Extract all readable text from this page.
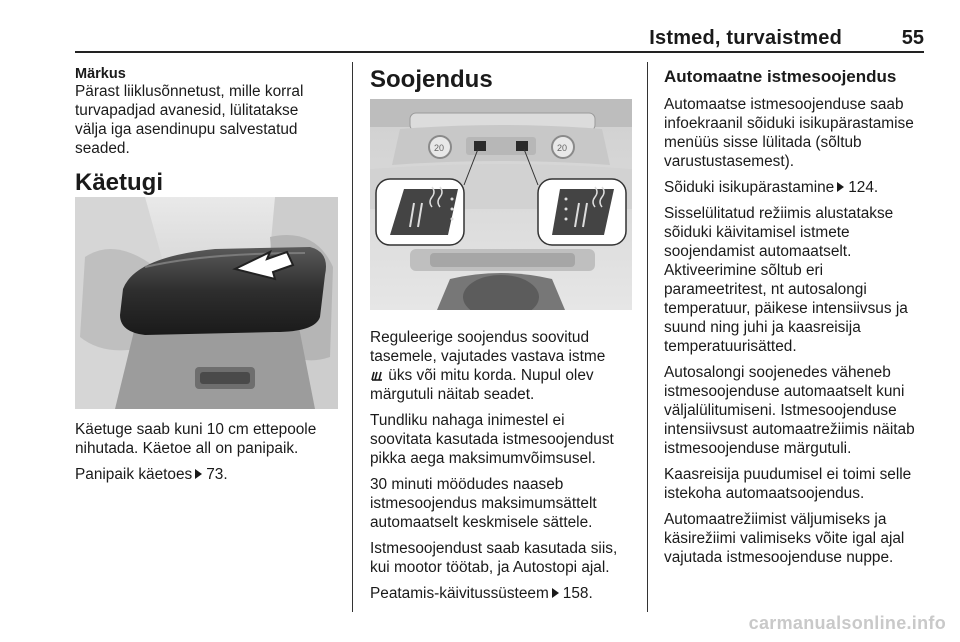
Istmed, turvaistmed	55

Märkus

Pärast liiklusõnnetust, mille korral
turvapadjad avanesid, lülitatakse
välja iga asendinupu salvestatud
seaded.
Käetugi
Käetuge saab kuni 10 cm ettepoole
nihutada. Käetoe all on panipaik.
Panipaik käetoes 73.
Soojendus
20	20
Reguleerige soojendus soovitud
tasemele, vajutades vastava istme
üks või mitu korda. Nupul olev
märgutuli näitab seadet.
Tundliku nahaga inimestel ei
soovitata kasutada istmesoojendust
pikka aega maksimumvõimsusel.
30 minuti möödudes naaseb
istmesoojendus maksimumsättelt
automaatselt keskmisele sättele.
Istmesoojendust saab kasutada siis,
kui mootor töötab, ja Autostopi ajal.
Peatamis-käivitussüsteem 158.
Automaatne istmesoojendus
Automaatse istmesoojenduse saab
infoekraanil sõiduki isikupärastamise
menüüs sisse lülitada (sõltub
varustustasemest).
Sõiduki isikupärastamine 124.
Sisselülitatud režiimis alustatakse
sõiduki käivitamisel istmete
soojendamist automaatselt.
Aktiveerimine sõltub eri
parameetritest, nt autosalongi
temperatuur, päikese intensiivsus ja
suund ning juhi ja kaasreisija
temperatuurisätted.
Autosalongi soojenedes väheneb
istmesoojenduse automaatselt kuni
väljalülitumiseni. Istmesoojenduse
intensiivsust automaatrežiimis näitab
istmesoojenduse märgutuli.
Kaasreisija puudumisel ei toimi selle
istekoha automaatsoojendus.
Automaatrežiimist väljumiseks ja
käsirežiimi valimiseks võite igal ajal
vajutada istmesoojenduse nuppe.
carmanualsonline.info
